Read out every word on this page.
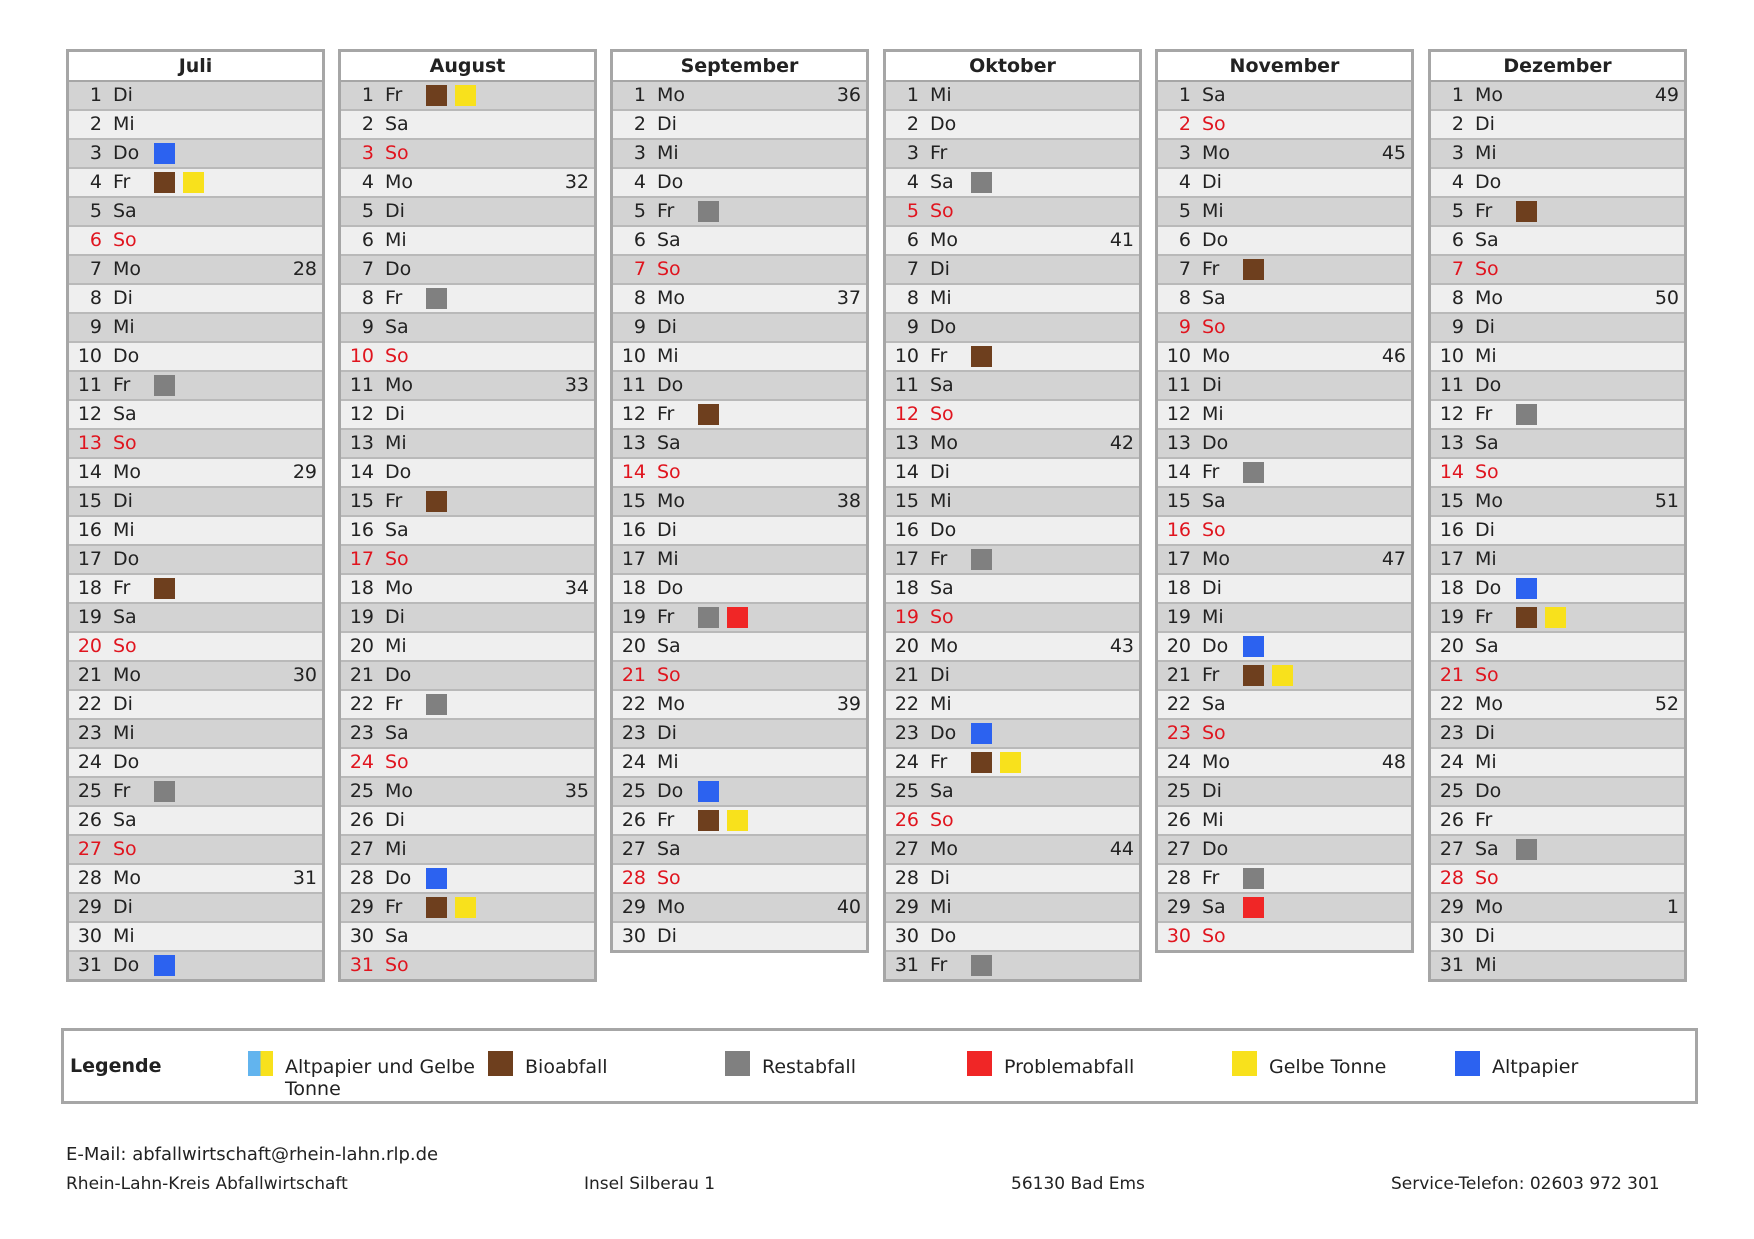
Juli
1 Di
2 Mi
3 Do
4 Fr
5 Sa
6 So
7 Mo	28
8 Di
9 Mi
10 Do
11 Fr
12 Sa
13 So
14 Mo	29
15 Di
16 Mi
17 Do
18 Fr
19 Sa
20 So
21 Mo	30
22 Di
23 Mi
24 Do
25 Fr
26 Sa
27 So
28 Mo	31
29 Di
30 Mi
31 Do
August
1 Fr
2 Sa
3 So
4 Mo	32
5 Di
6 Mi
7 Do
8 Fr
9 Sa
10 So
11 Mo	33
12 Di
13 Mi
14 Do
15 Fr
16 Sa
17 So
18 Mo	34
19 Di
20 Mi
21 Do
22 Fr
23 Sa
24 So
25 Mo	35
26 Di
27 Mi
28 Do
29 Fr
30 Sa
31 So
September
1 Mo	36
2 Di
3 Mi
4 Do
5 Fr
6 Sa
7 So
8 Mo	37
9 Di
10 Mi
11 Do
12 Fr
13 Sa
14 So
15 Mo	38
16 Di
17 Mi
18 Do
19 Fr
20 Sa
21 So
22 Mo	39
23 Di
24 Mi
25 Do
26 Fr
27 Sa
28 So
29 Mo	40
30 Di
Oktober
1 Mi
2 Do
3 Fr
4 Sa
5 So
6 Mo	41
7 Di
8 Mi
9 Do
10 Fr
11 Sa
12 So
13 Mo	42
14 Di
15 Mi
16 Do
17 Fr
18 Sa
19 So
20 Mo	43
21 Di
22 Mi
23 Do
24 Fr
25 Sa
26 So
27 Mo	44
28 Di
29 Mi
30 Do
31 Fr
November
1 Sa
2 So
3 Mo	45
4 Di
5 Mi
6 Do
7 Fr
8 Sa
9 So
10 Mo	46
11 Di
12 Mi
13 Do
14 Fr
15 Sa
16 So
17 Mo	47
18 Di
19 Mi
20 Do
21 Fr
22 Sa
23 So
24 Mo	48
25 Di
26 Mi
27 Do
28 Fr
29 Sa
30 So
Dezember
1 Mo	49
2 Di
3 Mi
4 Do
5 Fr
6 Sa
7 So
8 Mo	50
9 Di
10 Mi
11 Do
12 Fr
13 Sa
14 So
15 Mo	51
16 Di
17 Mi
18 Do
19 Fr
20 Sa
21 So
22 Mo	52
23 Di
24 Mi
25 Do
26 Fr
27 Sa
28 So
29 Mo	1
30 Di
31 Mi
Legende	Altpapier und Gelbe
Tonne
Bioabfall	Restabfall	Problemabfall	Gelbe Tonne	Altpapier
E-Mail: abfallwirtschaft@rhein-lahn.rlp.de
Rhein-Lahn-Kreis Abfallwirtschaft	Insel Silberau 1	56130 Bad Ems	Service-Telefon: 02603 972 301
